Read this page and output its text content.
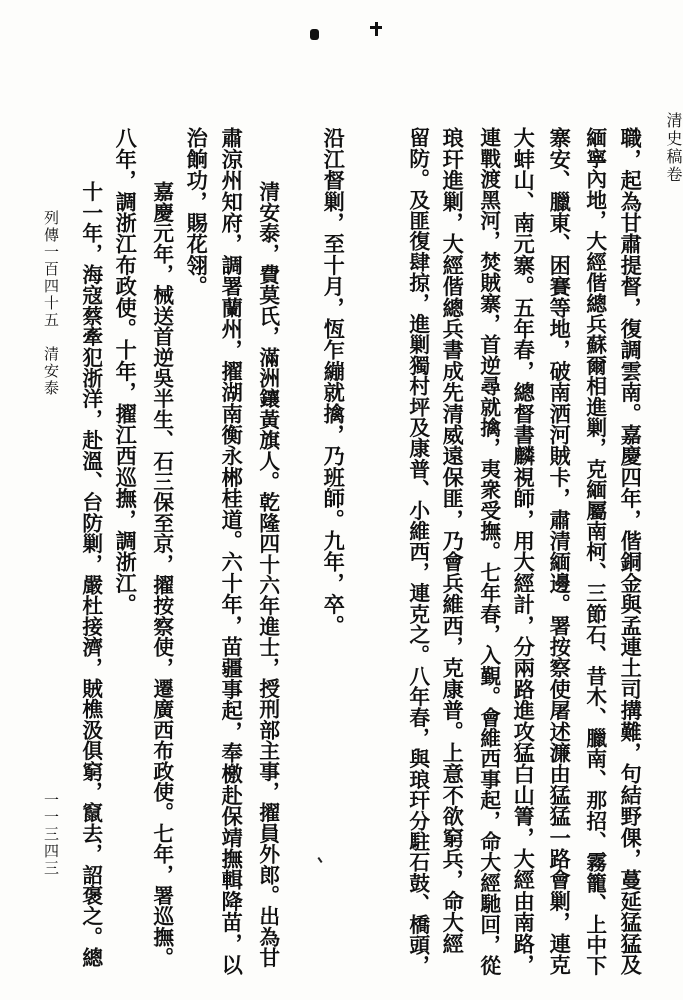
清史稿卷
職，起為甘肅提督，復調雲南。嘉慶四年，偕銅金與孟連土司搆難，句結野倮，蔓延猛猛及
緬寧內地，大經偕總兵蘇爾相進剿，克緬屬南柯、三節石、昔木、臘南、那招、霧籠、上中下
寨安、臘東、困賽等地，破南洒河賊卡，肅清緬邊。署按察使屠述濂由猛猛一路會剿，連克
大蚌山、南元寨。五年春，總督書麟視師，用大經計，分兩路進攻猛白山箐，大經由南路，
連戰渡黑河，焚賊寨，首逆尋就擒，夷衆受撫。七年春，入覲。會維西事起，命大經馳回，從
琅玕進剿，大經偕總兵書成先清威遠保匪，乃會兵維西，克康普。上意不欲窮兵，命大經
留防。及匪復肆掠，進剿獨村坪及康普、小維西，連克之。八年春，與琅玕分駐石鼓、橋頭，
沿江督剿，至十月，恆乍繃就擒，乃班師。九年，卒。
清安泰，費莫氏，滿洲鑲黃旗人。乾隆四十六年進士，授刑部主事，擢員外郎。出為甘
肅涼州知府，調署蘭州，擢湖南衡永郴桂道。六十年，苗疆事起，奉檄赴保靖撫輯降苗，以
治餉功，賜花翎。
嘉慶元年，械送首逆吳半生、石三保至京，擢按察使，遷廣西布政使。七年，署巡撫。
八年，調浙江布政使。十年，擢江西巡撫，調浙江。
十一年，海寇蔡牽犯浙洋，赴溫、台防剿，嚴杜接濟，賊樵汲俱窮，竄去，詔褒之。總
列傳一百四十五　清安泰
一一三四三
